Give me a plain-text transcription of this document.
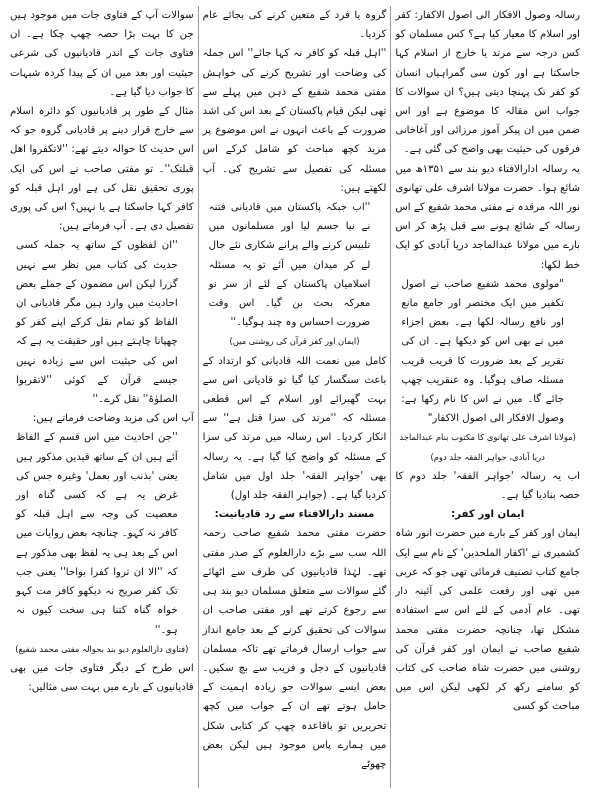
رسالہ وصول الافکار الی اصول الاکفار: کفر اور اسلام کا معیار کیا ہے؟ کس مسلمان کو کس درجہ سے مرتد یا خارج از اسلام کہا جاسکتا ہے اور کون سی گمراہیاں انسان کو کفر تک پہنچا دیتی ہیں؟ ان سوالات کا جواب اس مقالہ کا موضوع ہے اور اس ضمن میں ان پیکر آموز مرزائی اور آغاخانی فرقوں کی حیثیت بھی واضح کی گئی ہے۔

یہ رسالہ ادارالافتاء دیو بند سے ۱۳۵۱ھ میں شائع ہوا۔ حضرت مولانا اشرف علی تھانوی نور اللہ مرقدہ نے مفتی محمد شفیع کے اس رسالہ کے شائع ہونے سے قبل پڑھ کر اس بارے میں مولانا عبدالماجد دریا آبادی کو ایک خط لکھا:

"مولوی محمد شفیع صاحب نے اصول تکفیر میں ایک مختصر اور جامع مانع اور نافع رسالہ لکھا ہے۔ بعض اجزاء میں نے بھی اس کو دیکھا ہے۔ ان کی تقریر کے بعد ضرورت کا قریب قریب مسئلہ صاف ہوگیا۔ وہ عنقریب چھپ جائے گا۔ میں نے اس کا نام رکھا ہے: وصول الافکار الی اصول الاکفار"

(مولانا اشرف علی تھانوی کا مکتوب بنام عبدالماجد دریا آبادی، جواہر الفقہ جلد دوم)

اب یہ رسالہ 'جواہر الفقہ' جلد دوم کا حصہ بنادیا گیا ہے۔

ایمان اور کفر:

ایمان اور کفر کے بارے میں حضرت انور شاہ کشمیری نے 'اکفار الملحدین' کے نام سے ایک جامع کتاب تصنیف فرمائی تھی جو کہ عربی میں تھی اور رفعت علمی کی آئینہ دار تھی۔ عام آدمی کے لئے اس سے استفادہ مشکل تھا، چنانچہ حضرت مفتی محمد شفیع صاحب نے ایمان اور کفر قرآن کی روشنی میں حضرت شاہ صاحب کی کتاب کو سامنے رکھ کر لکھی لیکن اس میں مباحث کو کسی

گروہ یا فرد کے متعین کرنے کی بجائے عام کردیا۔

''اہل قبلہ کو کافر نہ کہا جائے'' اس جملہ کی وضاحت اور تشریح کرنے کی خواہش مفتی محمد شفیع کے ذہن میں پہلے سے تھی لیکن قیام پاکستان کے بعد اس کی اشد ضرورت کے باعث انہوں نے اس موضوع پر مزید کچھ مباحث کو شامل کرکے اس مسئلہ کی تفصیل سے تشریح کی۔ آپ لکھتے ہیں:

''اب جبکہ پاکستان میں قادیانی فتنہ نے نیا جسم لیا اور مسلمانوں میں تلبیس کرنے والے پرانے شکاری نئے جال لے کر میدان میں آئے تو یہ مسئلہ اسلامیان پاکستان کے لئے از سر نو معرکہ بحث بن گیا۔ اس وقت ضرورت احساس وہ چند ہوگیا۔''

(ایمان اور کفر قرآن کی روشنی میں)

کامل میں نعمت اللہ قادیانی کو ارتداد کے باعث سنگسار کیا گیا تو قادیانی اس سے بہت گھبرائے اور اسلام کے اس قطعی مسئلہ کہ ''مرتد کی سزا قتل ہے'' سے انکار کردیا۔ اس رسالہ میں مرتد کی سزا کے مسئلہ کو واضح کیا گیا ہے۔ یہ رسالہ بھی 'جواہر الفقہ' جلد اول میں شامل کردیا گیا ہے۔ (جواہر الفقہ جلد اول)

مسند دارالافتاء سے رد قادیانیت:

حضرت مفتی محمد شفیع صاحب رحمہ اللہ سب سے بڑے دارالعلوم کے صدر مفتی تھے۔ لہٰذا قادیانیوں کی طرف سے اٹھائے گئے سوالات سے متعلق مسلمان دیو بند ہی سے رجوع کرتے تھے اور مفتی صاحب ان سوالات کی تحقیق کرنے کے بعد جامع انداز سے جواب ارسال فرماتے تھے تاکہ مسلمان قادیانیوں کے دجل و فریب سے بچ سکیں۔ بعض ایسے سوالات جو زیادہ اہمیت کے حامل ہوتے تھے ان کے جواب میں کچھ تحریریں تو باقاعدہ چھپ کر کتابی شکل میں ہمارے پاس موجود ہیں لیکن بعض چھوٹے

سوالات آپ کے فتاوی جات میں موجود ہیں جن کا بہت بڑا حصہ چھپ چکا ہے۔ ان فتاوی جات کے اندر قادیانیوں کی شرعی حیثیت اور بعد میں ان کے پیدا کردہ شبہات کا جواب دیا گیا ہے۔

مثال کے طور پر قادیانیوں کو دائرہ اسلام سے خارج قرار دینے پر قادیانی گروہ جو کہ اس حدیث کا حوالہ دیتے تھے: ''لاتکفروا اهل قبلتک''۔ تو مفتی صاحب نے اس کی ایک پوری تحقیق نقل کی ہے اور اہل قبلہ کو کافر کہا جاسکتا ہے یا نہیں؟ اس کی پوری تفصیل دی ہے۔ آپ فرماتے ہیں:

''ان لفظوں کے ساتھ یہ جملہ کسی حدیث کی کتاب میں نظر سے نہیں گزرا لیکن اس مضمون کے جملے بعض احادیث میں وارد ہیں مگر قادیانی ان الفاظ کو تمام نقل کرکے اپنے کفر کو چھپانا چاہتے ہیں اور حقیقت یہ ہے کہ اس کی حیثیت اس سے زیادہ نہیں جیسے قرآن کے کوئی ''لاتقربوا الصلوٰۃ'' نقل کرے۔''

آپ اس کی مزید وضاحت فرماتے ہیں:

''جن احادیث میں اس قسم کے الفاظ آئے ہیں ان کے ساتھ قیدیں مذکور ہیں یعنی 'بذنب اور بعمل' وغیرہ جس کی غرض یہ ہے کہ کسی گناہ اور معصیت کی وجہ سے اہل قبلہ کو کافر نہ کہو۔ چنانچہ بعض روایات میں اس کے بعد ہی یہ لفظ بھی مذکور ہے کہ ''الا ان تروا کفرا بواحا'' یعنی جب تک کفر صریح نہ دیکھو کافر مت کہو خواہ گناہ کتنا ہی سخت کیوں نہ ہو۔''

(فتاوی دارالعلوم دیو بند بحوالہ مفتی محمد شفیع)

اس طرح کے دیگر فتاوی جات میں بھی قادیانیوں کے بارے میں بہت سی مثالیں:
